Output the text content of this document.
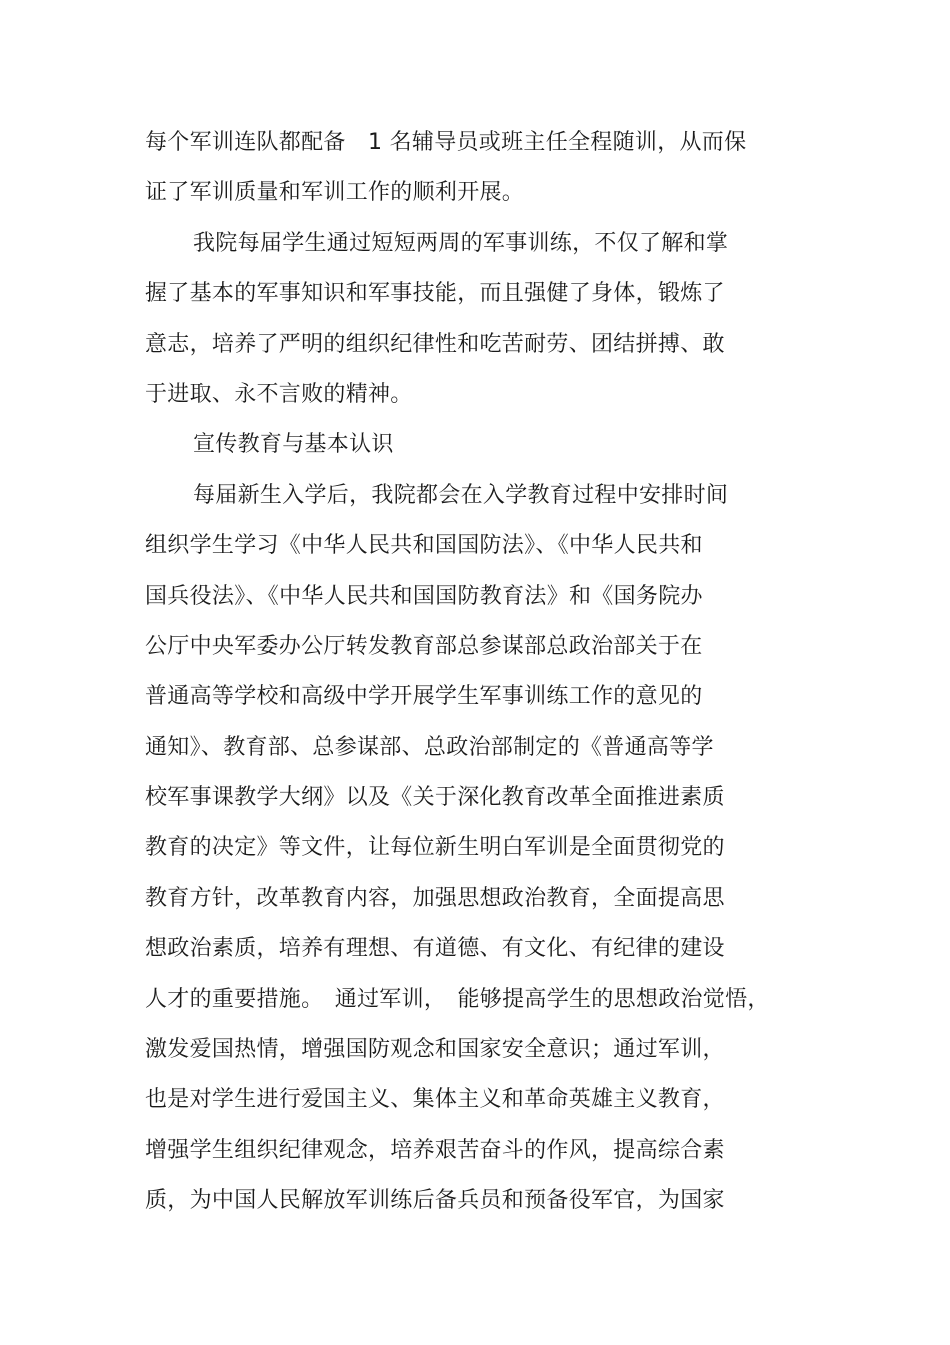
每个军训连队都配备　1 名辅导员或班主任全程随训，从而保
证了军训质量和军训工作的顺利开展。
我院每届学生通过短短两周的军事训练，不仅了解和掌
握了基本的军事知识和军事技能，而且强健了身体，锻炼了
意志，培养了严明的组织纪律性和吃苦耐劳、团结拼搏、敢
于进取、永不言败的精神。
宣传教育与基本认识
每届新生入学后，我院都会在入学教育过程中安排时间
组织学生学习《中华人民共和国国防法》、《中华人民共和
国兵役法》、《中华人民共和国国防教育法》和《国务院办
公厅中央军委办公厅转发教育部总参谋部总政治部关于在
普通高等学校和高级中学开展学生军事训练工作的意见的
通知》、教育部、总参谋部、总政治部制定的《普通高等学
校军事课教学大纲》以及《关于深化教育改革全面推进素质
教育的决定》等文件，让每位新生明白军训是全面贯彻党的
教育方针，改革教育内容，加强思想政治教育，全面提高思
想政治素质，培养有理想、有道德、有文化、有纪律的建设
人才的重要措施。　通过军训，　能够提高学生的思想政治觉悟，
激发爱国热情，增强国防观念和国家安全意识；通过军训，
也是对学生进行爱国主义、集体主义和革命英雄主义教育，
增强学生组织纪律观念，培养艰苦奋斗的作风，提高综合素
质，为中国人民解放军训练后备兵员和预备役军官，为国家
